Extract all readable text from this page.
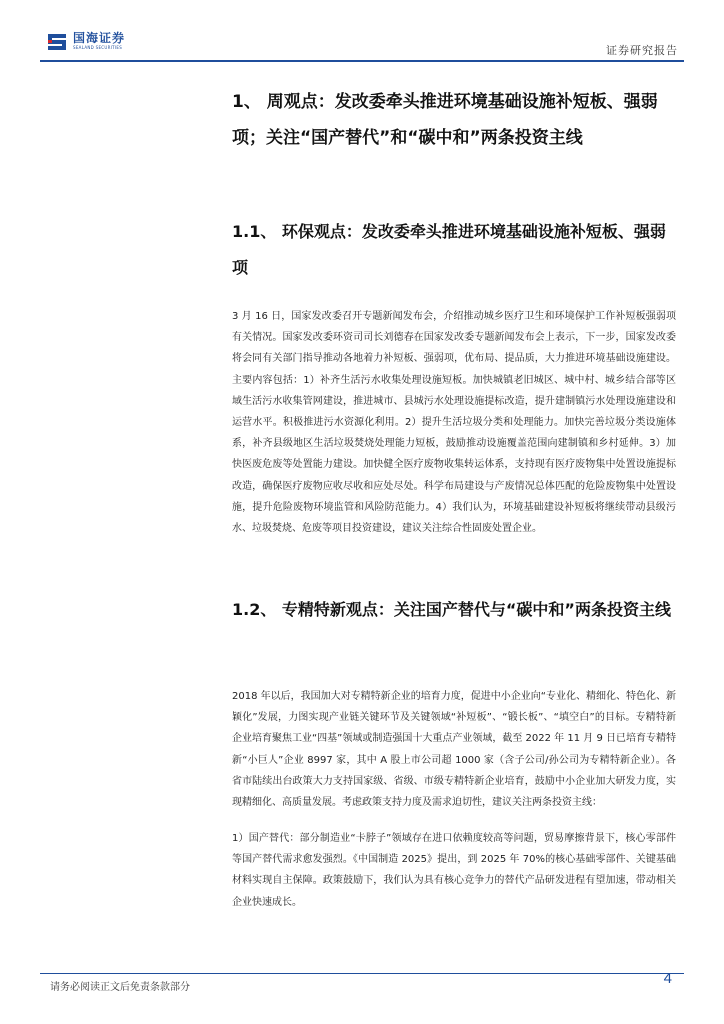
国海证券
SEALAND SECURITIES	证券研究报告
1、 周观点：发改委牵头推进环境基础设施补短板、强弱项；关注“国产替代”和“碳中和”两条投资主线
1.1、 环保观点：发改委牵头推进环境基础设施补短板、强弱项

3 月 16 日，国家发改委召开专题新闻发布会，介绍推动城乡医疗卫生和环境保护工作补短板强弱项有关情况。国家发改委环资司司长刘德春在国家发改委专题新闻发布会上表示，下一步，国家发改委将会同有关部门指导推动各地着力补短板、强弱项，优布局、提品质，大力推进环境基础设施建设。主要内容包括：1）补齐生活污水收集处理设施短板。加快城镇老旧城区、城中村、城乡结合部等区域生活污水收集管网建设，推进城市、县城污水处理设施提标改造，提升建制镇污水处理设施建设和运营水平。积极推进污水资源化利用。2）提升生活垃圾分类和处理能力。加快完善垃圾分类设施体系，补齐县级地区生活垃圾焚烧处理能力短板，鼓励推动设施覆盖范围向建制镇和乡村延伸。3）加快医废危废等处置能力建设。加快健全医疗废物收集转运体系，支持现有医疗废物集中处置设施提标改造，确保医疗废物应收尽收和应处尽处。科学布局建设与产废情况总体匹配的危险废物集中处置设施，提升危险废物环境监管和风险防范能力。4）我们认为，环境基础建设补短板将继续带动县级污水、垃圾焚烧、危废等项目投资建设，建议关注综合性固废处置企业。

1.2、 专精特新观点：关注国产替代与“碳中和”两条投资主线

2018 年以后，我国加大对专精特新企业的培育力度，促进中小企业向“专业化、精细化、特色化、新颖化”发展，力图实现产业链关键环节及关键领域“补短板”、“锻长板”、“填空白”的目标。专精特新企业培育聚焦工业“四基”领域或制造强国十大重点产业领域，截至 2022 年 11 月 9 日已培育专精特新“小巨人”企业 8997 家，其中 A 股上市公司超 1000 家（含子公司/孙公司为专精特新企业）。各省市陆续出台政策大力支持国家级、省级、市级专精特新企业培育，鼓励中小企业加大研发力度，实现精细化、高质量发展。考虑政策支持力度及需求迫切性，建议关注两条投资主线：

1）国产替代：部分制造业“卡脖子”领域存在进口依赖度较高等问题，贸易摩擦背景下，核心零部件等国产替代需求愈发强烈。《中国制造 2025》提出，到 2025 年 70%的核心基础零部件、关键基础材料实现自主保障。政策鼓励下，我们认为具有核心竞争力的替代产品研发进程有望加速，带动相关企业快速成长。

请务必阅读正文后免责条款部分
4
